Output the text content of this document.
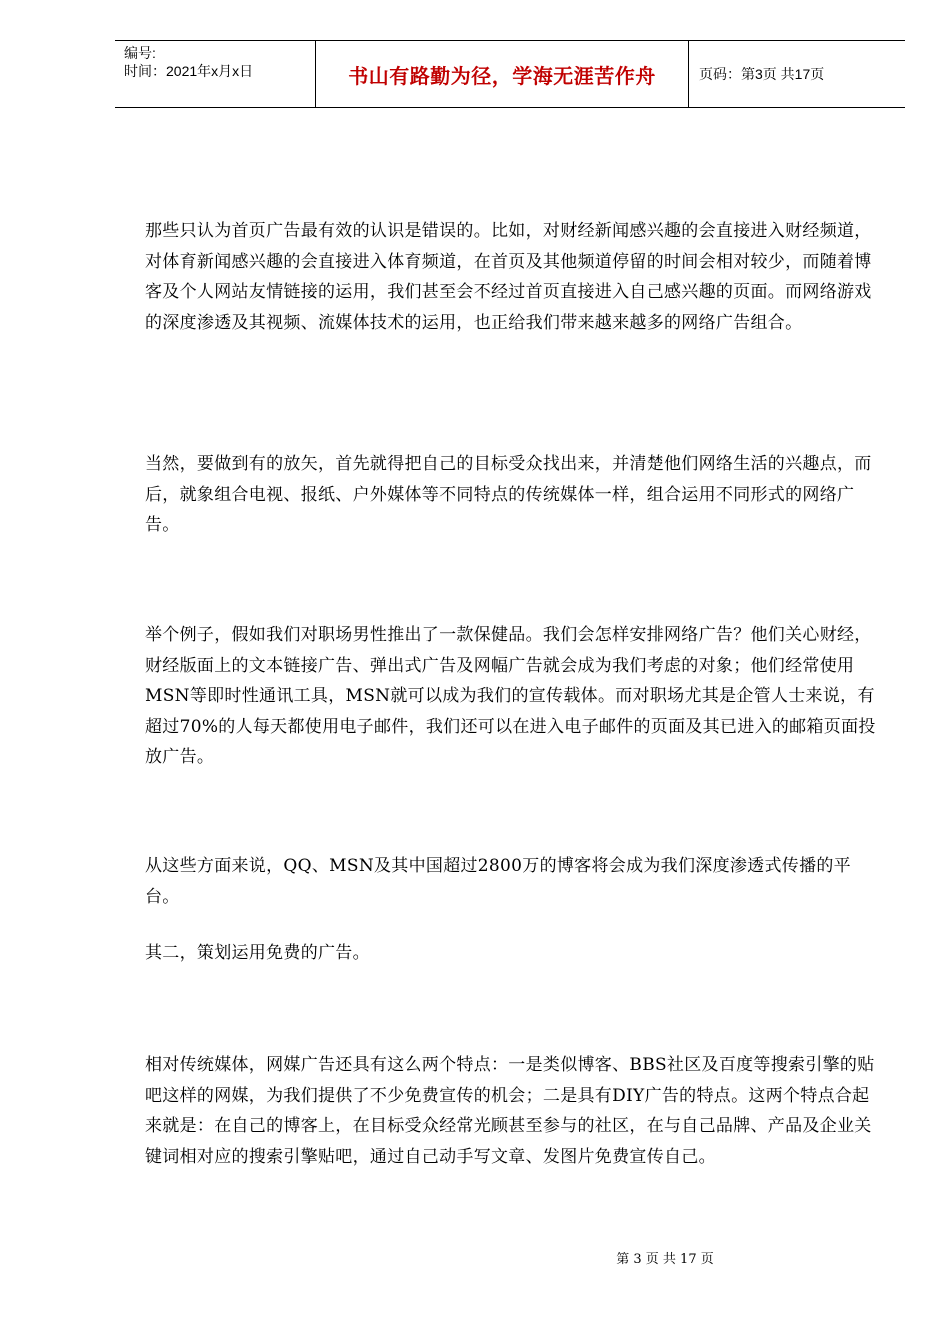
编号:
时间：2021年x月x日	书山有路勤为径，学海无涯苦作舟	页码：第3页 共17页

那些只认为首页广告最有效的认识是错误的。比如，对财经新闻感兴趣的会直接进入财经频道，对体育新闻感兴趣的会直接进入体育频道，在首页及其他频道停留的时间会相对较少，而随着博客及个人网站友情链接的运用，我们甚至会不经过首页直接进入自己感兴趣的页面。而网络游戏的深度渗透及其视频、流媒体技术的运用，也正给我们带来越来越多的网络广告组合。

当然，要做到有的放矢，首先就得把自己的目标受众找出来，并清楚他们网络生活的兴趣点，而后，就象组合电视、报纸、户外媒体等不同特点的传统媒体一样，组合运用不同形式的网络广告。

举个例子，假如我们对职场男性推出了一款保健品。我们会怎样安排网络广告？他们关心财经，财经版面上的文本链接广告、弹出式广告及网幅广告就会成为我们考虑的对象；他们经常使用MSN等即时性通讯工具，MSN就可以成为我们的宣传载体。而对职场尤其是企管人士来说，有超过70%的人每天都使用电子邮件，我们还可以在进入电子邮件的页面及其已进入的邮箱页面投放广告。

从这些方面来说，QQ、MSN及其中国超过2800万的博客将会成为我们深度渗透式传播的平台。

其二，策划运用免费的广告。

相对传统媒体，网媒广告还具有这么两个特点：一是类似博客、BBS社区及百度等搜索引擎的贴吧这样的网媒，为我们提供了不少免费宣传的机会；二是具有DIY广告的特点。这两个特点合起来就是：在自己的博客上，在目标受众经常光顾甚至参与的社区，在与自己品牌、产品及企业关键词相对应的搜索引擎贴吧，通过自己动手写文章、发图片免费宣传自己。

第 3 页 共 17 页
